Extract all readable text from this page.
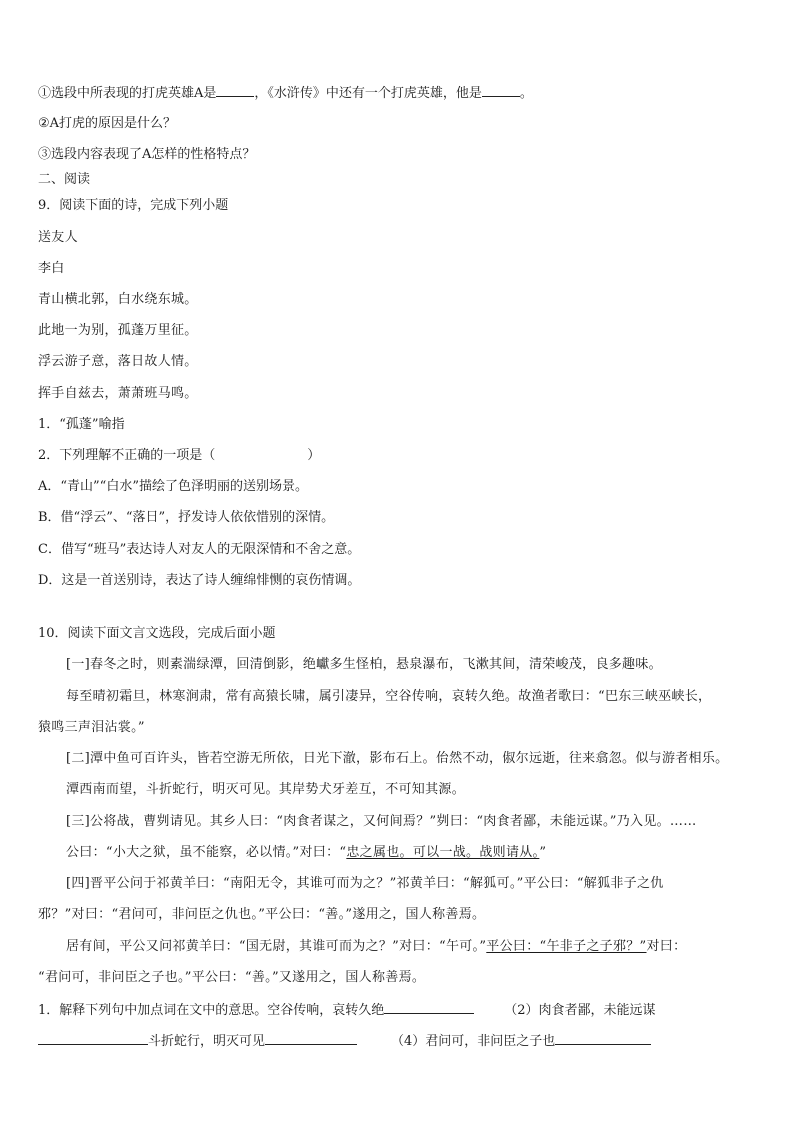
①选段中所表现的打虎英雄A是	，《水浒传》中还有一个打虎英雄，他是	。
②A打虎的原因是什么？
③选段内容表现了A怎样的性格特点？
二、阅读
9．阅读下面的诗，完成下列小题
送友人
李白
青山横北郭，白水绕东城。
此地一为别，孤蓬万里征。
浮云游子意，落日故人情。
挥手自兹去，萧萧班马鸣。
1．“孤蓬”喻指
2．下列理解不正确的一项是（	）
A．“青山”“白水”描绘了色泽明丽的送别场景。
B．借“浮云”、“落日”，抒发诗人依依惜别的深情。
C．借写“班马”表达诗人对友人的无限深情和不舍之意。
D．这是一首送别诗，表达了诗人缠绵悱恻的哀伤情调。
10．阅读下面文言文选段，完成后面小题
[一]春冬之时，则素湍绿潭，回清倒影，绝巘多生怪柏，悬泉瀑布，飞漱其间，清荣峻茂，良多趣味。
每至晴初霜旦，林寒涧肃，常有高猿长啸，属引凄异，空谷传响，哀转久绝。故渔者歌曰：“巴东三峡巫峡长，
猿鸣三声泪沾裳。”
[二]潭中鱼可百许头，皆若空游无所依，日光下澈，影布石上。佁然不动，俶尔远逝，往来翕忽。似与游者相乐。
潭西南而望，斗折蛇行，明灭可见。其岸势犬牙差互，不可知其源。
[三]公将战，曹刿请见。其乡人曰：“肉食者谋之，又何间焉？”刿曰：“肉食者鄙，未能远谋。”乃入见。……
公曰：“小大之狱，虽不能察，必以情。”对曰：“忠之属也。可以一战。战则请从。”
[四]晋平公问于祁黄羊曰：“南阳无令，其谁可而为之？”祁黄羊曰：“解狐可。”平公曰：“解狐非子之仇
邪？”对曰：“君问可，非问臣之仇也。”平公曰：“善。”遂用之，国人称善焉。
居有间，平公又问祁黄羊曰：“国无尉，其谁可而为之？”对曰：“午可。”平公曰：“午非子之子邪？”对曰：
“君问可，非问臣之子也。”平公曰：“善。”又遂用之，国人称善焉。
1．解释下列句中加点词在文中的意思。空谷传响，哀转久绝	（2）肉食者鄙，未能远谋
斗折蛇行，明灭可见	（4）君问可，非问臣之子也
